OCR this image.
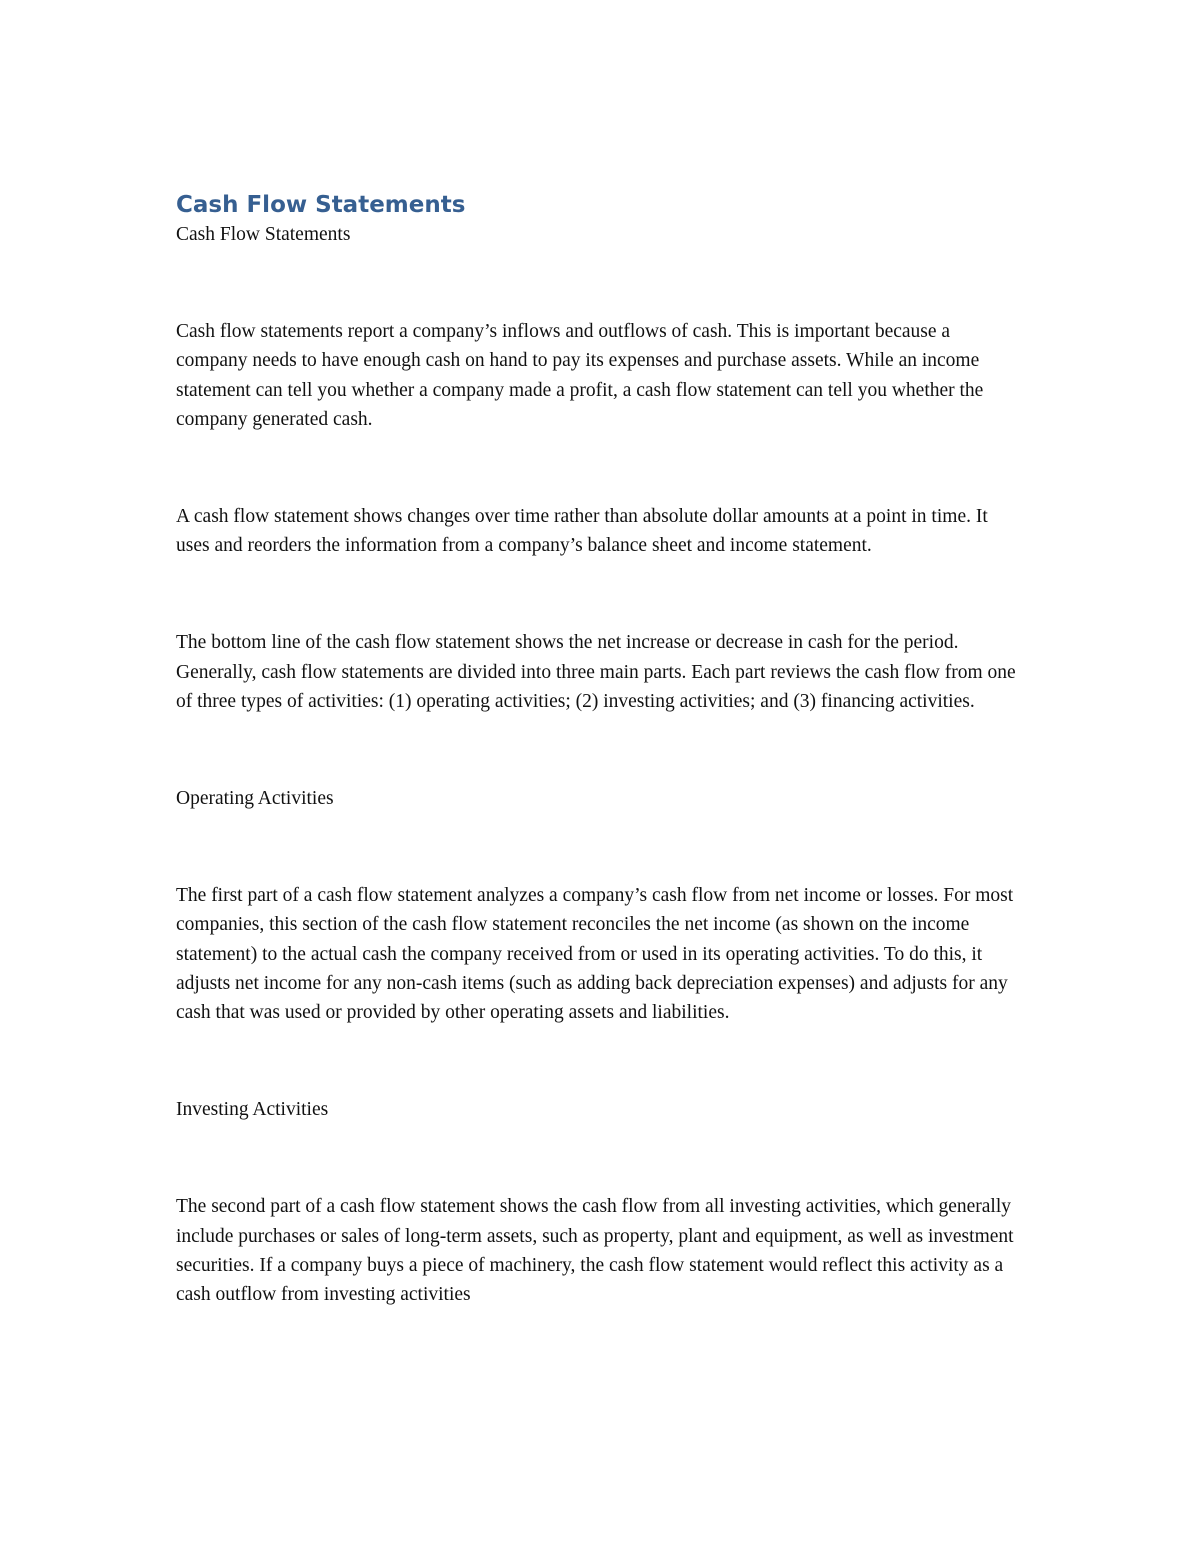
Cash Flow Statements

Cash Flow Statements

Cash flow statements report a company’s inflows and outflows of cash. This is important because a company needs to have enough cash on hand to pay its expenses and purchase assets. While an income statement can tell you whether a company made a profit, a cash flow statement can tell you whether the company generated cash.

A cash flow statement shows changes over time rather than absolute dollar amounts at a point in time. It uses and reorders the information from a company’s balance sheet and income statement.

The bottom line of the cash flow statement shows the net increase or decrease in cash for the period. Generally, cash flow statements are divided into three main parts. Each part reviews the cash flow from one of three types of activities: (1) operating activities; (2) investing activities; and (3) financing activities.

Operating Activities

The first part of a cash flow statement analyzes a company’s cash flow from net income or losses. For most companies, this section of the cash flow statement reconciles the net income (as shown on the income statement) to the actual cash the company received from or used in its operating activities. To do this, it adjusts net income for any non-cash items (such as adding back depreciation expenses) and adjusts for any cash that was used or provided by other operating assets and liabilities.

Investing Activities

The second part of a cash flow statement shows the cash flow from all investing activities, which generally include purchases or sales of long-term assets, such as property, plant and equipment, as well as investment securities. If a company buys a piece of machinery, the cash flow statement would reflect this activity as a cash outflow from investing activities
